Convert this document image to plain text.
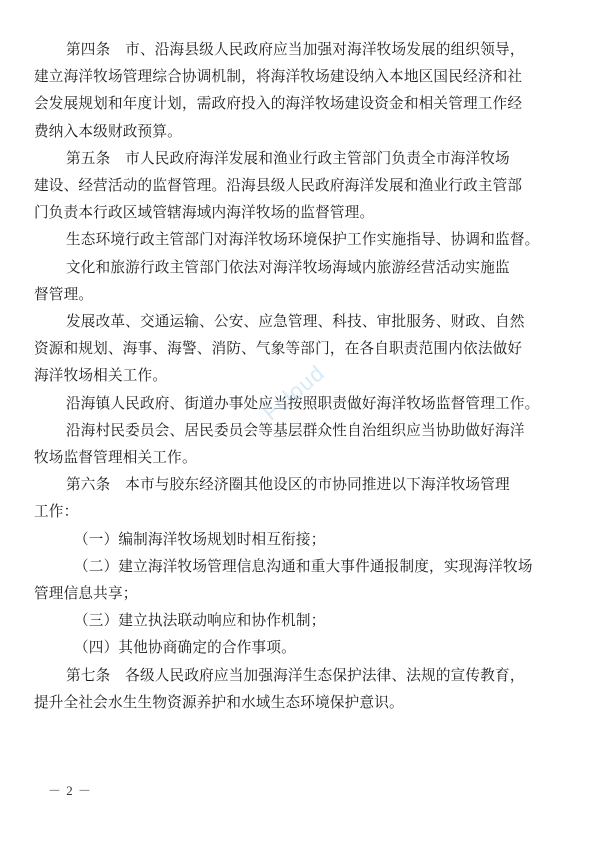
第四条　市、沿海县级人民政府应当加强对海洋牧场发展的组织领导，
建立海洋牧场管理综合协调机制，将海洋牧场建设纳入本地区国民经济和社
会发展规划和年度计划，需政府投入的海洋牧场建设资金和相关管理工作经
费纳入本级财政预算。
第五条　市人民政府海洋发展和渔业行政主管部门负责全市海洋牧场
建设、经营活动的监督管理。沿海县级人民政府海洋发展和渔业行政主管部
门负责本行政区域管辖海域内海洋牧场的监督管理。
生态环境行政主管部门对海洋牧场环境保护工作实施指导、协调和监督。
文化和旅游行政主管部门依法对海洋牧场海域内旅游经营活动实施监
督管理。
发展改革、交通运输、公安、应急管理、科技、审批服务、财政、自然
资源和规划、海事、海警、消防、气象等部门，在各自职责范围内依法做好
海洋牧场相关工作。
沿海镇人民政府、街道办事处应当按照职责做好海洋牧场监督管理工作。
沿海村民委员会、居民委员会等基层群众性自治组织应当协助做好海洋
牧场监督管理相关工作。
第六条　本市与胶东经济圈其他设区的市协同推进以下海洋牧场管理
工作：
（一）编制海洋牧场规划时相互衔接；
（二）建立海洋牧场管理信息沟通和重大事件通报制度，实现海洋牧场
管理信息共享；
（三）建立执法联动响应和协作机制；
（四）其他协商确定的合作事项。
第七条　各级人民政府应当加强海洋生态保护法律、法规的宣传教育，
提升全社会水生生物资源养护和水域生态环境保护意识。
－ 2 －
Fcloud
